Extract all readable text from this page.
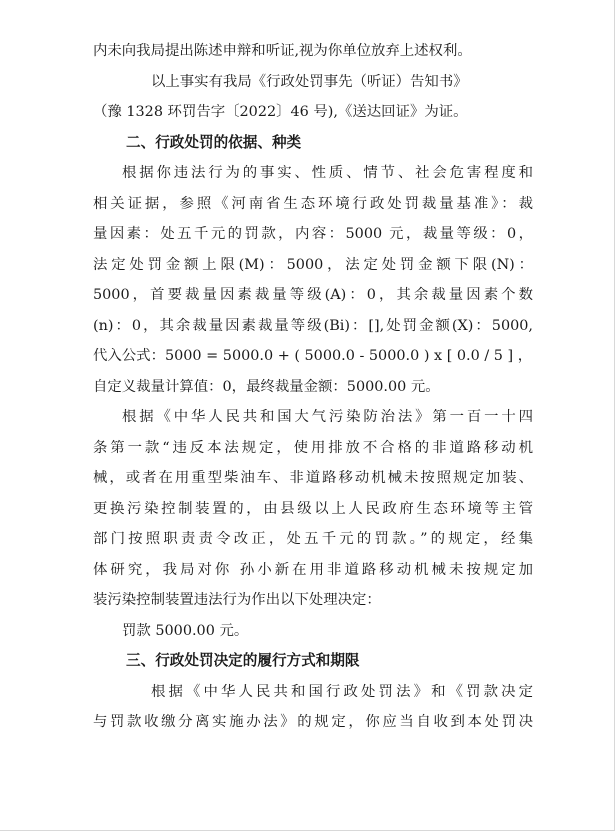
内未向我局提出陈述申辩和听证,视为你单位放弃上述权利。
以上事实有我局《行政处罚事先（听证）告知书》
（豫 1328 环罚告字〔2022〕46 号),《送达回证》为证。
二、行政处罚的依据、种类
根据你违法行为的事实、性质、情节、社会危害程度和
相关证据，参照《河南省生态环境行政处罚裁量基准》：裁
量因素：处五千元的罚款，内容：5000 元，裁量等级：0，
法定处罚金额上限(M)：5000，法定处罚金额下限(N)：
5000，首要裁量因素裁量等级(A)：0，其余裁量因素个数
(n)：0，其余裁量因素裁量等级(Bi)：[],处罚金额(X)：5000,
代入公式：5000 = 5000.0 + ( 5000.0 - 5000.0 ) x [ 0.0 / 5 ] ，
自定义裁量计算值：0，最终裁量金额：5000.00 元。
根据《中华人民共和国大气污染防治法》第一百一十四
条第一款“违反本法规定，使用排放不合格的非道路移动机
械，或者在用重型柴油车、非道路移动机械未按照规定加装、
更换污染控制装置的，由县级以上人民政府生态环境等主管
部门按照职责责令改正，处五千元的罚款。”的规定，经集
体研究，我局对你 孙小新在用非道路移动机械未按规定加
装污染控制装置违法行为作出以下处理决定：
罚款 5000.00 元。
三、行政处罚决定的履行方式和期限
根据《中华人民共和国行政处罚法》和《罚款决定
与罚款收缴分离实施办法》的规定，你应当自收到本处罚决
